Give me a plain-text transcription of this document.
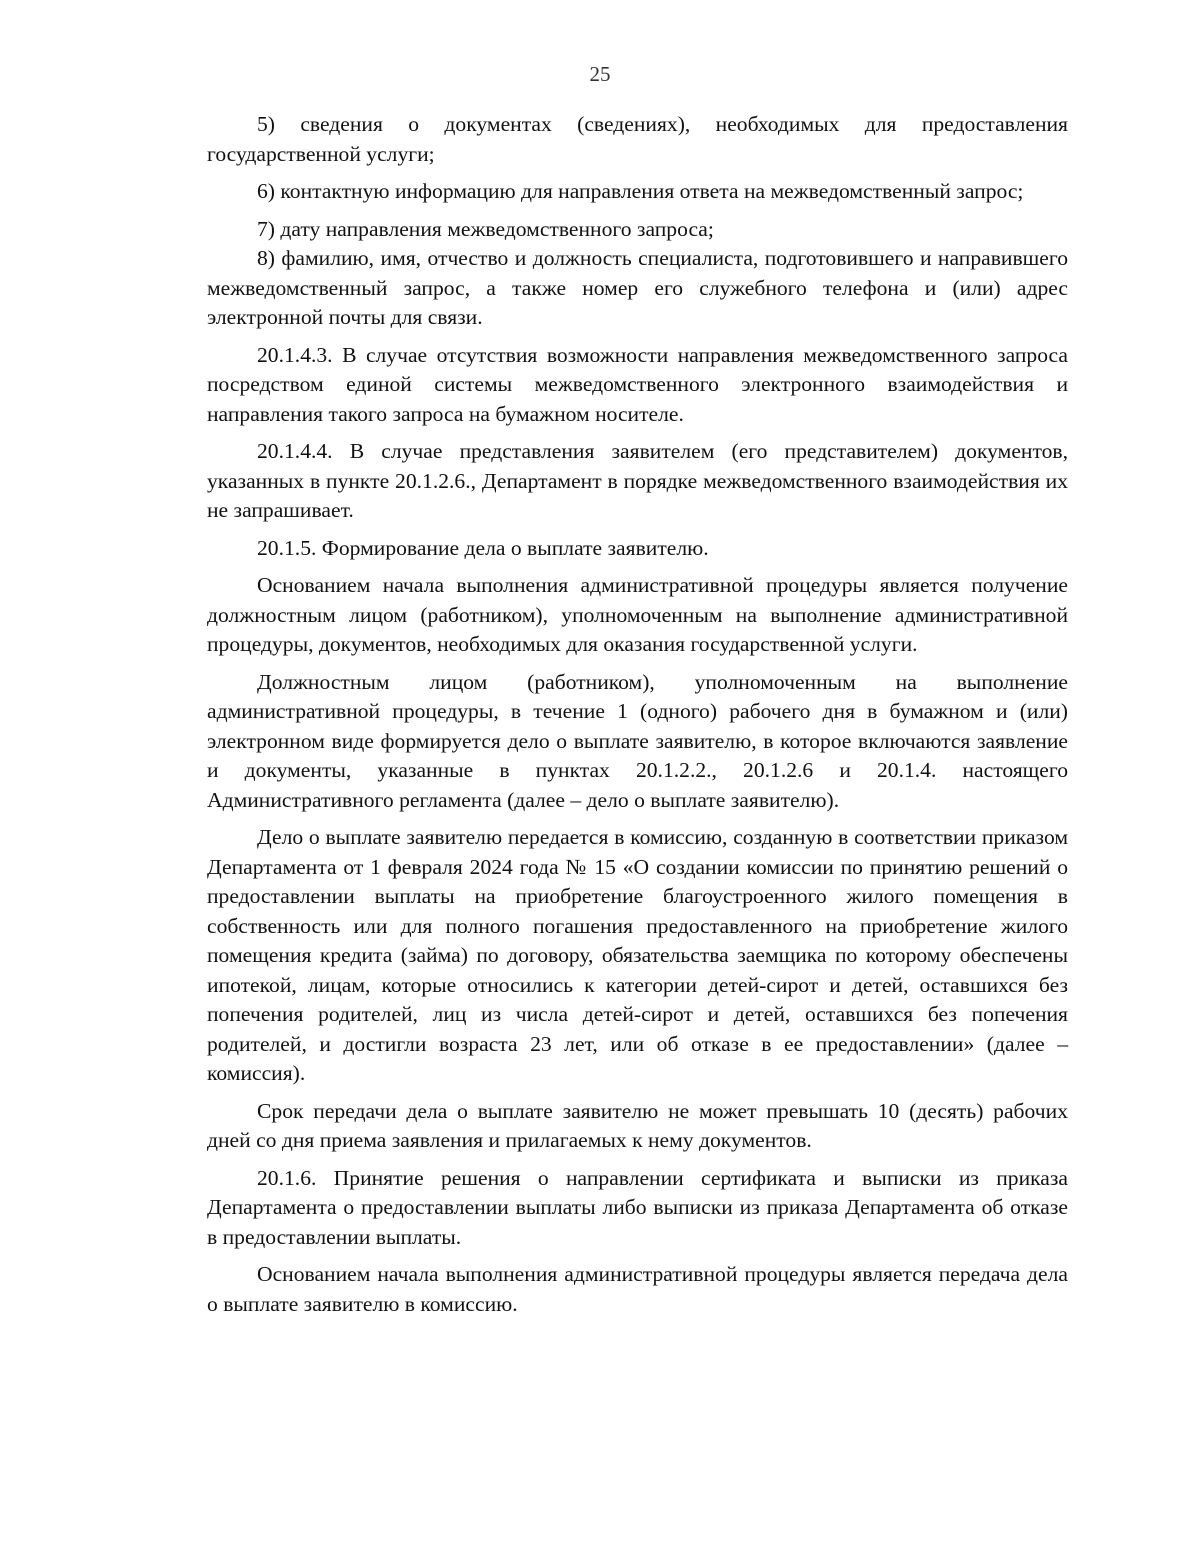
25

5) сведения о документах (сведениях), необходимых для предоставления государственной услуги;

6) контактную информацию для направления ответа на межведомственный запрос;

7) дату направления межведомственного запроса;

8) фамилию, имя, отчество и должность специалиста, подготовившего и направившего межведомственный запрос, а также номер его служебного телефона и (или) адрес электронной почты для связи.

20.1.4.3. В случае отсутствия возможности направления межведомственного запроса посредством единой системы межведомственного электронного взаимодействия и направления такого запроса на бумажном носителе.

20.1.4.4. В случае представления заявителем (его представителем) документов, указанных в пункте 20.1.2.6., Департамент в порядке межведомственного взаимодействия их не запрашивает.

20.1.5. Формирование дела о выплате заявителю.

Основанием начала выполнения административной процедуры является получение должностным лицом (работником), уполномоченным на выполнение административной процедуры, документов, необходимых для оказания государственной услуги.

Должностным лицом (работником), уполномоченным на выполнение административной процедуры, в течение 1 (одного) рабочего дня в бумажном и (или) электронном виде формируется дело о выплате заявителю, в которое включаются заявление и документы, указанные в пунктах 20.1.2.2., 20.1.2.6 и 20.1.4. настоящего Административного регламента (далее – дело о выплате заявителю).

Дело о выплате заявителю передается в комиссию, созданную в соответствии приказом Департамента от 1 февраля 2024 года № 15 «О создании комиссии по принятию решений о предоставлении выплаты на приобретение благоустроенного жилого помещения в собственность или для полного погашения предоставленного на приобретение жилого помещения кредита (займа) по договору, обязательства заемщика по которому обеспечены ипотекой, лицам, которые относились к категории детей-сирот и детей, оставшихся без попечения родителей, лиц из числа детей-сирот и детей, оставшихся без попечения родителей, и достигли возраста 23 лет, или об отказе в ее предоставлении» (далее – комиссия).

Срок передачи дела о выплате заявителю не может превышать 10 (десять) рабочих дней со дня приема заявления и прилагаемых к нему документов.

20.1.6. Принятие решения о направлении сертификата и выписки из приказа Департамента о предоставлении выплаты либо выписки из приказа Департамента об отказе в предоставлении выплаты.

Основанием начала выполнения административной процедуры является передача дела о выплате заявителю в комиссию.
